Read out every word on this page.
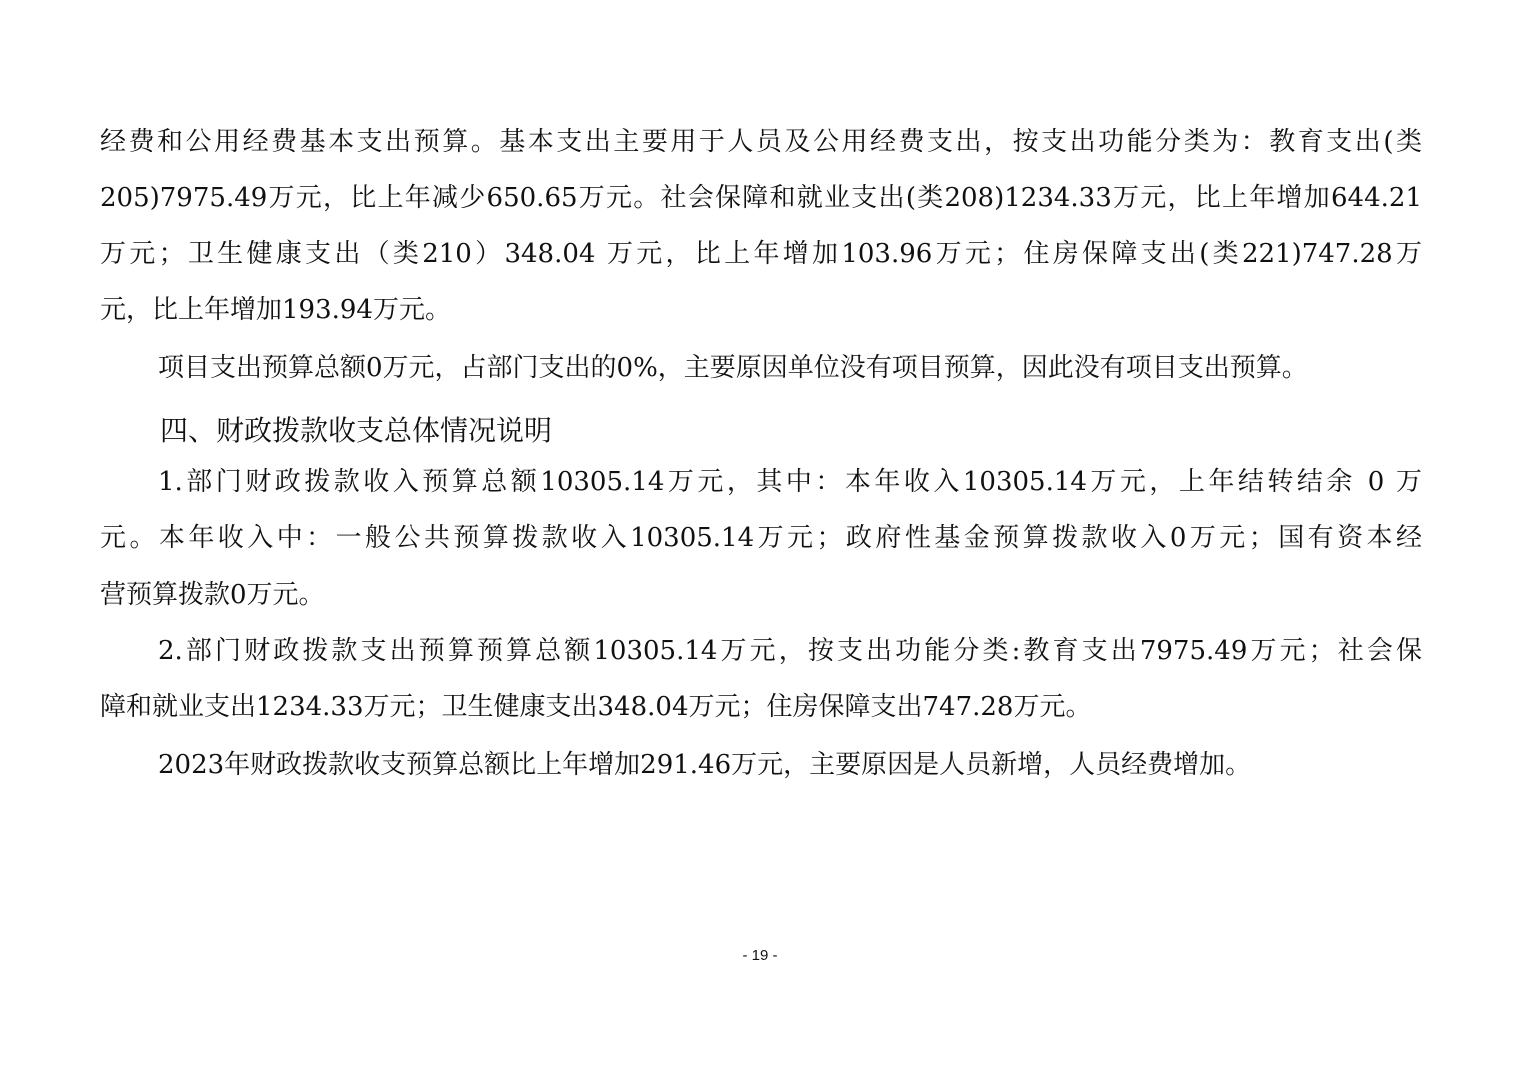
经费和公用经费基本支出预算。基本支出主要用于人员及公用经费支出，按支出功能分类为：教育支出(类
205)7975.49万元，比上年减少650.65万元。社会保障和就业支出(类208)1234.33万元，比上年增加644.21
万元；卫生健康支出（类210）348.04 万元，比上年增加103.96万元；住房保障支出(类221)747.28万
元，比上年增加193.94万元。
项目支出预算总额0万元，占部门支出的0%，主要原因单位没有项目预算，因此没有项目支出预算。
四、财政拨款收支总体情况说明
1.部门财政拨款收入预算总额10305.14万元，其中：本年收入10305.14万元，上年结转结余 0 万
元。本年收入中：一般公共预算拨款收入10305.14万元；政府性基金预算拨款收入0万元；国有资本经
营预算拨款0万元。
2.部门财政拨款支出预算预算总额10305.14万元，按支出功能分类:教育支出7975.49万元；社会保
障和就业支出1234.33万元；卫生健康支出348.04万元；住房保障支出747.28万元。
2023年财政拨款收支预算总额比上年增加291.46万元，主要原因是人员新增，人员经费增加。
- 19 -
